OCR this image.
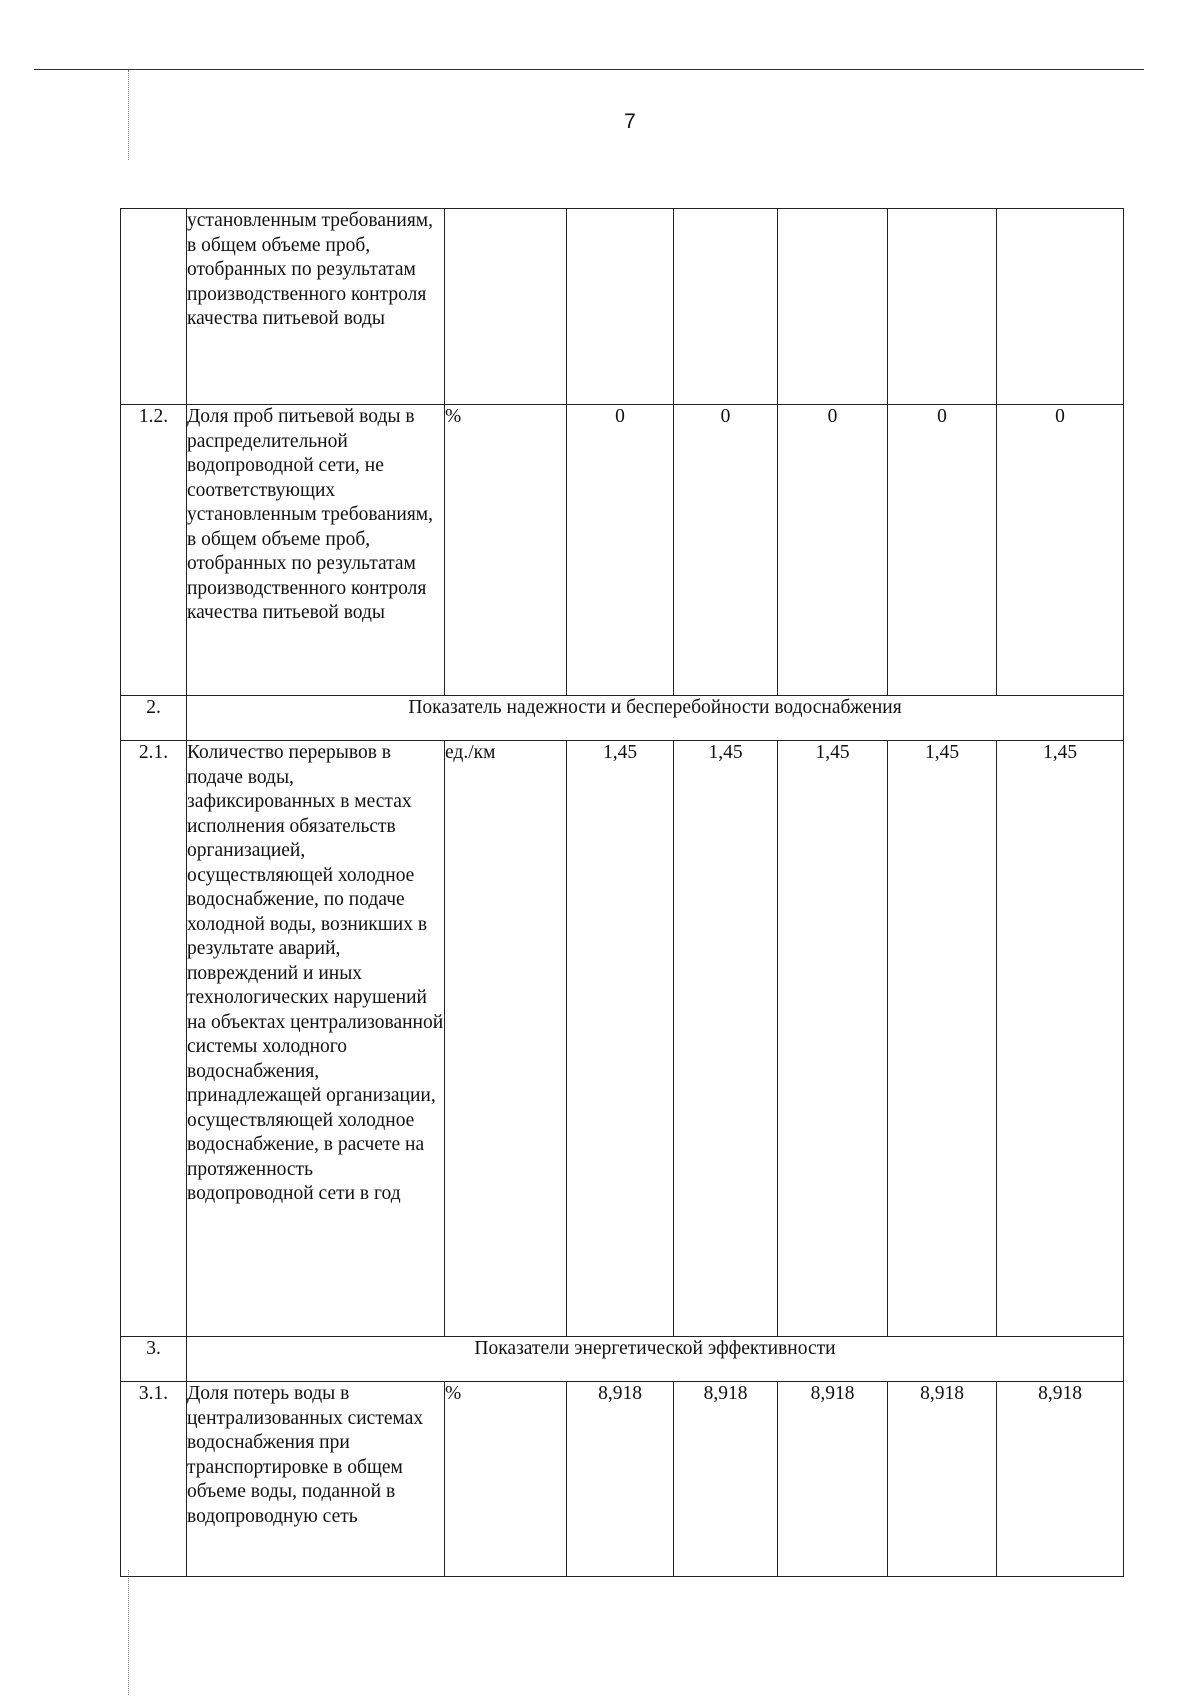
7
	установленным требованиям, в общем объеме проб, отобранных по результатам производственного контроля качества питьевой воды						
1.2.	Доля проб питьевой воды в распределительной водопроводной сети, не соответствующих установленным требованиям, в общем объеме проб, отобранных по результатам производственного контроля качества питьевой воды	%	0	0	0	0	0
2.	Показатель надежности и бесперебойности водоснабжения						
2.1.	Количество перерывов в подаче воды, зафиксированных в местах исполнения обязательств организацией, осуществляющей холодное водоснабжение, по подаче холодной воды, возникших в результате аварий, повреждений и иных технологических нарушений на объектах централизованной системы холодного водоснабжения, принадлежащей организации, осуществляющей холодное водоснабжение, в расчете на протяженность водопроводной сети в год	ед./км	1,45	1,45	1,45	1,45	1,45
3.	Показатели энергетической эффективности						
3.1.	Доля потерь воды в централизованных системах водоснабжения при транспортировке в общем объеме воды, поданной в водопроводную сеть	%	8,918	8,918	8,918	8,918	8,918
